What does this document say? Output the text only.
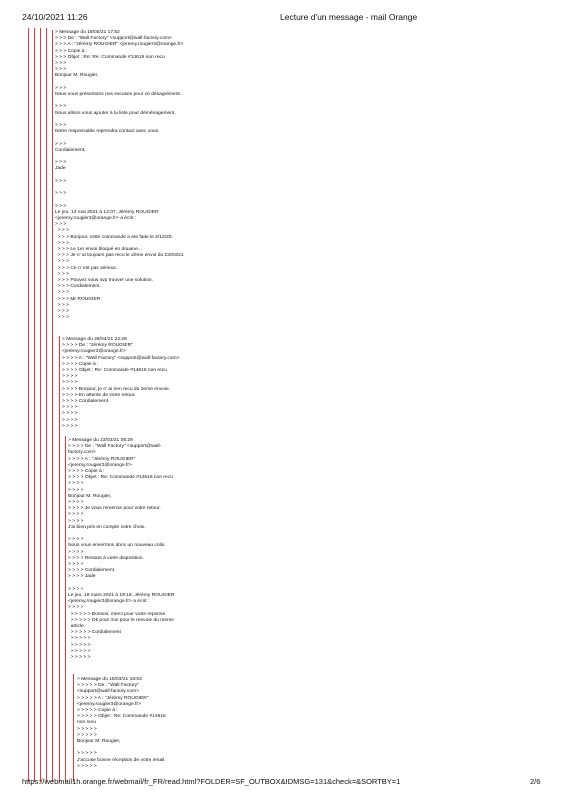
24/10/2021 11:26	Lecture d'un message - mail Orange
> Message du 18/05/21 17:52
> > > De : "Wall Factory" <support@wall-factory.com>
> > > A : "Jérémy ROUGIER" <jeremy.rougier3@orange.fr>
> > > Copie à :
> > > Objet : Re: Re: Commande #14616 non recu
> > >
> > >
Bonjour M. Rougier,
> > >
Nous vous présentons nos excuses pour ce désagrément.
> > >
Nous allons vous ajouter à la liste pour déménagement.
> > >
Notre responsable reprendra contact avec vous.
> > >
Cordialement,
> > >
Jade
> > >
> > >
> > >
Le jeu. 13 mai 2021 à 12:07, Jérémy ROUGIER
<jeremy.rougier3@orange.fr> a écrit :
> > >
> > >
> > > Bonjour, cette commande a ete faite le 2/12/20.
> > >
> > > Le 1er envoi bloqué en douane...
> > > Je n' ai toujours pas recu le 2ème envoi du 23/03/21
> > >
> > > Ce n' est pas sérieux.
> > >
> > > Pouvez vous svp trouver une solution.
> > > Cordialement.
> > >
> > > Mr ROUGIER
> > >
> > >
> > >
> Message du 26/04/21 22:25
> > > > De : "Jérémy ROUGIER"
<jeremy.rougier3@orange.fr>
> > > > A : "Wall Factory" <support@wall-factory.com>
> > > > Copie à :
> > > > Objet : Re: Commande #14616 non recu
> > > >
> > > >
> > > > Bonjour, je n' ai rien recu du 2eme envoie.
> > > > En attente de votre retour.
> > > > Cordialement.
> > > >
> > > >
> > > >
> > > >
> Message du 23/03/21 08:29
> > > > De : "Wall Factory" <support@wall-
factory.com>
> > > > A : "Jérémy ROUGIER"
<jeremy.rougier3@orange.fr>
> > > > Copie à :
> > > > Objet : Re: Commande #14616 non recu
> > > >
> > > >
Bonjour M. Rougier,
> > > >
> > > > Je vous remercie pour votre retour.
> > > >
> > > >
J'ai bien pris en compte votre choix.
> > > >
Nous vous enverrons donc un nouveau colis.
> > > >
> > > > Restant à votre disposition.
> > > >
> > > > Cordialement,
> > > > Jade
> > > >
Le jeu. 18 mars 2021 à 19:18, Jérémy ROUGIER
<jeremy.rougier3@orange.fr> a écrit :
> > > >
> > > > > Bonsoir, merci pour votre reponse.
> > > > > Ok pour moi pour le renvoie du meme
article.
> > > > > Cordialement
> > > > >
> > > > >
> > > > >
> > > > >
> Message du 15/03/21 18:53
> > > > > De : "Wall Factory"
<support@wall-factory.com>
> > > > > A : "Jérémy ROUGIER"
<jeremy.rougier3@orange.fr>
> > > > > Copie à :
> > > > > Objet : Re: Commande #14616
non recu
> > > > >
> > > > >
Bonjour M. Rougier,
> > > > >
J'accuse bonne réception de votre email.
> > > > >
https://webmail1h.orange.fr/webmail/fr_FR/read.html?FOLDER=SF_OUTBOX&IDMSG=131&check=&SORTBY=1	2/6
